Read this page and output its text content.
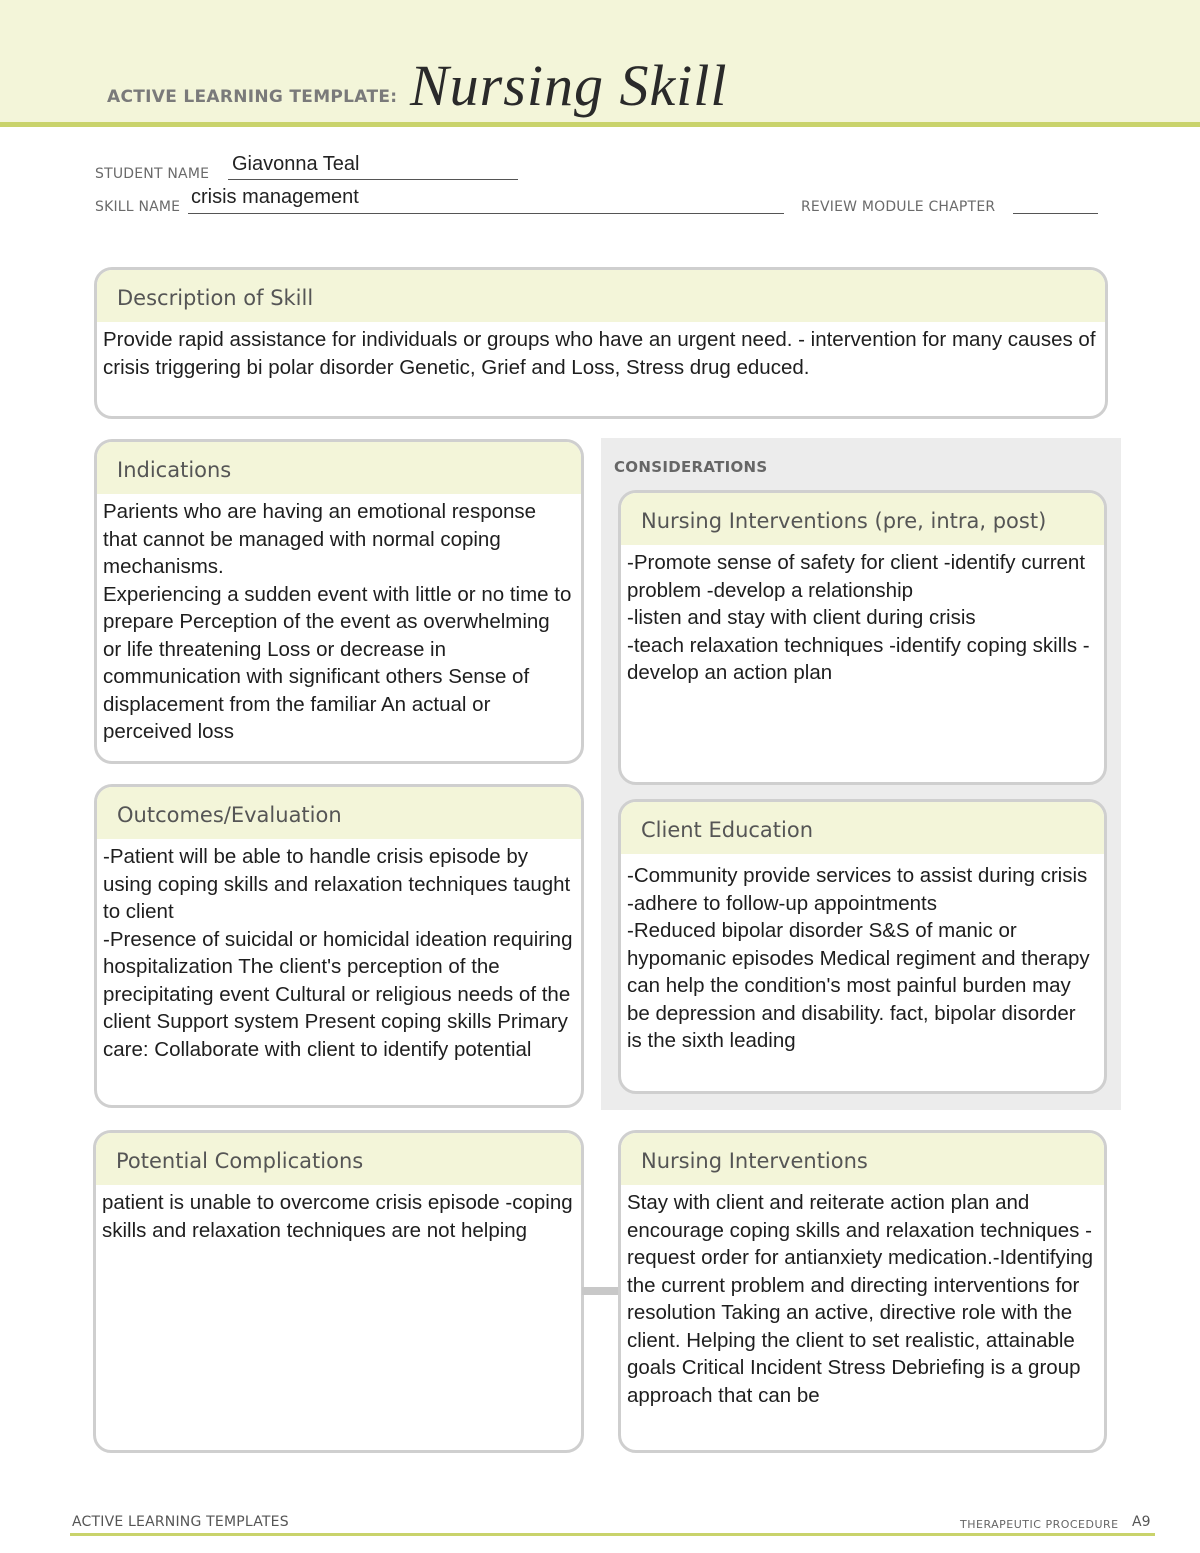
ACTIVE LEARNING TEMPLATE: Nursing Skill
STUDENT NAME Giavonna Teal
SKILL NAME crisis management	REVIEW MODULE CHAPTER
Description of Skill
Provide rapid assistance for individuals or groups who have an urgent need. - intervention for many causes of crisis triggering bi polar disorder Genetic, Grief and Loss, Stress drug educed.
CONSIDERATIONS
Indications
Parients who are having an emotional response that cannot be managed with normal coping mechanisms.
Experiencing a sudden event with little or no time to prepare Perception of the event as overwhelming or life threatening Loss or decrease in communication with significant others Sense of displacement from the familiar An actual or perceived loss
Nursing Interventions (pre, intra, post)
-Promote sense of safety for client -identify current problem -develop a relationship
-listen and stay with client during crisis
-teach relaxation techniques -identify coping skills -develop an action plan
Outcomes/Evaluation
-Patient will be able to handle crisis episode by using coping skills and relaxation techniques taught to client
-Presence of suicidal or homicidal ideation requiring hospitalization The client's perception of the precipitating event Cultural or religious needs of the client Support system Present coping skills Primary care: Collaborate with client to identify potential
Client Education
-Community provide services to assist during crisis -adhere to follow-up appointments
-Reduced bipolar disorder S&S of manic or hypomanic episodes Medical regiment and therapy can help the condition's most painful burden may be depression and disability. fact, bipolar disorder is the sixth leading
Potential Complications
patient is unable to overcome crisis episode -coping skills and relaxation techniques are not helping
Nursing Interventions
Stay with client and reiterate action plan and encourage coping skills and relaxation techniques -request order for antianxiety medication.-Identifying the current problem and directing interventions for resolution Taking an active, directive role with the client. Helping the client to set realistic, attainable goals Critical Incident Stress Debriefing is a group approach that can be
ACTIVE LEARNING TEMPLATES	THERAPEUTIC PROCEDURE A9
